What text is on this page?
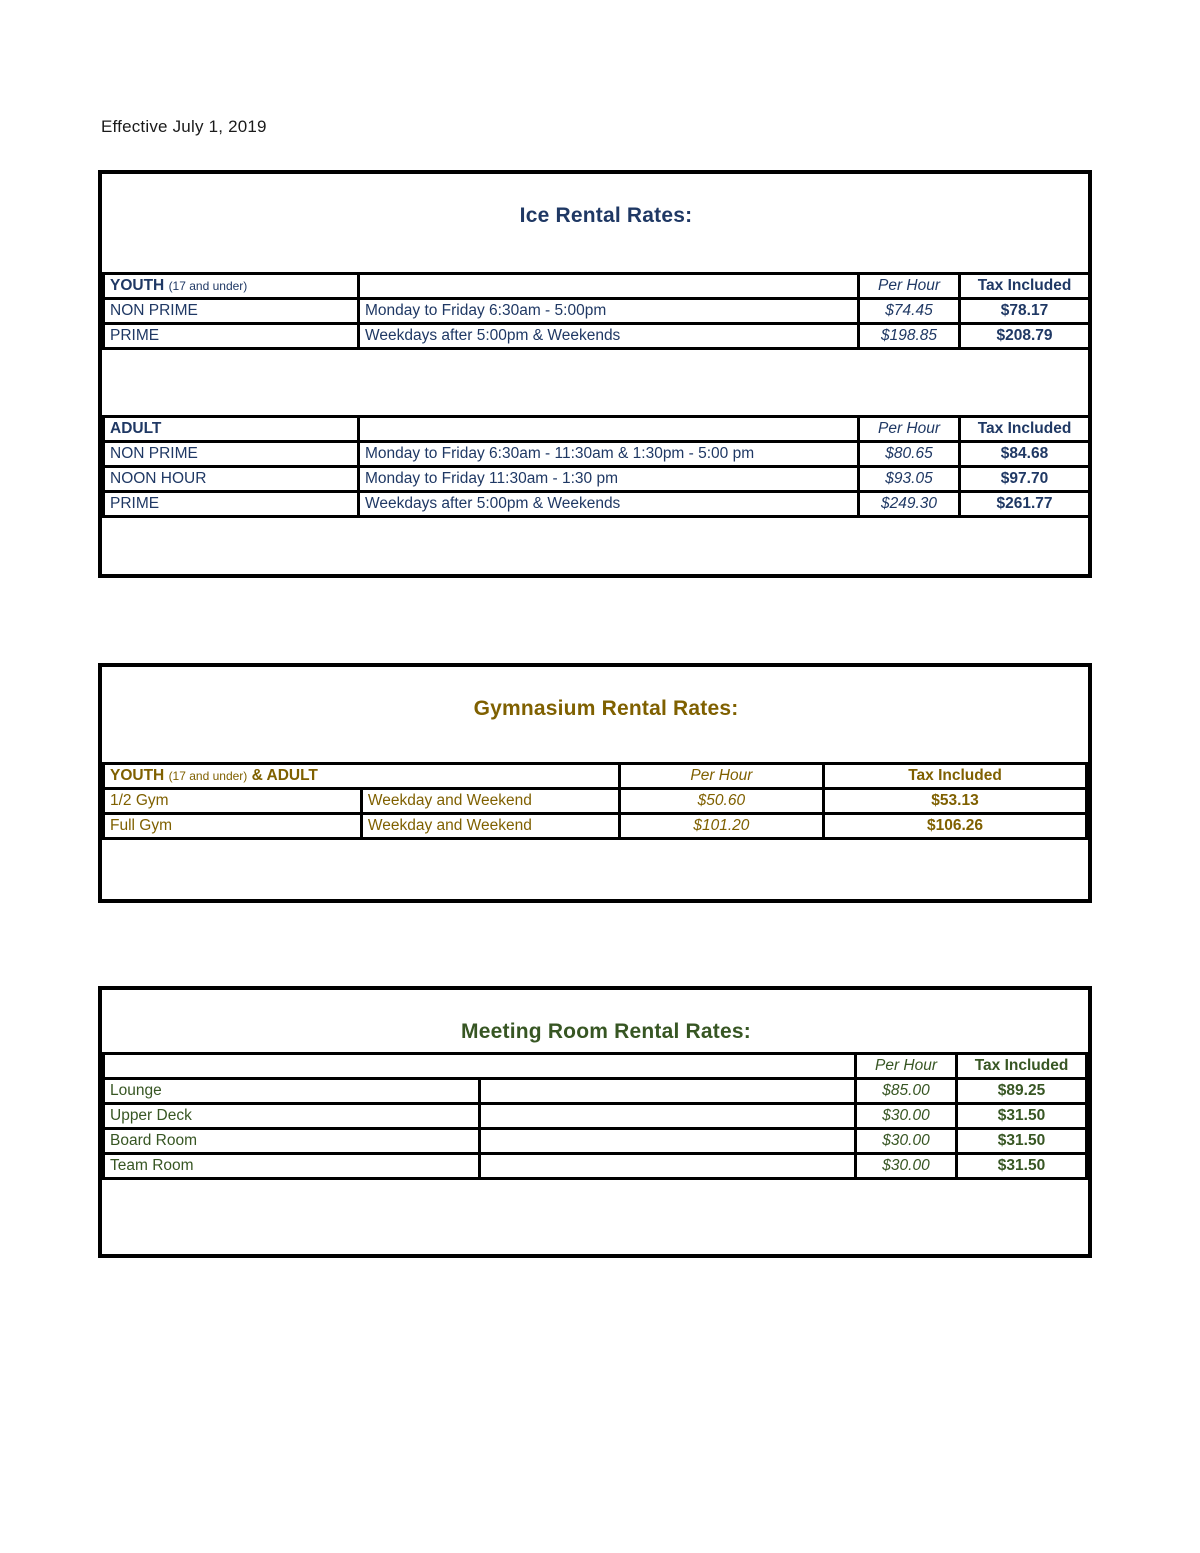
Effective July 1, 2019
Ice Rental Rates:
YOUTH (17 and under)		Per Hour	Tax Included
NON PRIME	Monday to Friday 6:30am - 5:00pm	$74.45	$78.17
PRIME	Weekdays after 5:00pm & Weekends	$198.85	$208.79
ADULT		Per Hour	Tax Included
NON PRIME	Monday to Friday 6:30am - 11:30am & 1:30pm - 5:00 pm	$80.65	$84.68
NOON HOUR	Monday to Friday 11:30am - 1:30 pm	$93.05	$97.70
PRIME	Weekdays after 5:00pm & Weekends	$249.30	$261.77
Gymnasium Rental Rates:
YOUTH (17 and under) & ADULT		Per Hour	Tax Included
1/2 Gym	Weekday and Weekend	$50.60	$53.13
Full Gym	Weekday and Weekend	$101.20	$106.26
Meeting Room Rental Rates:
		Per Hour	Tax Included
Lounge		$85.00	$89.25
Upper Deck		$30.00	$31.50
Board Room		$30.00	$31.50
Team Room		$30.00	$31.50
